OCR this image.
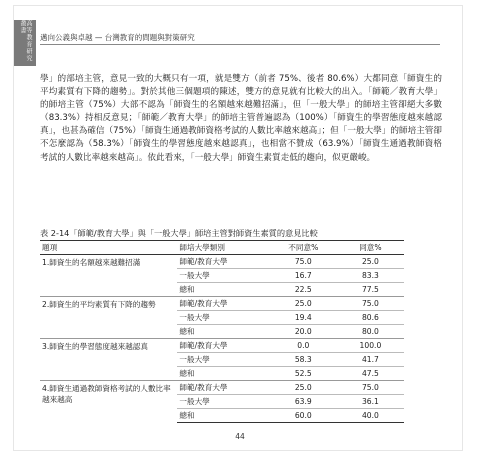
高等教育研究叢書
邁向公義與卓越 — 台灣教育的問題與對策研究

學」的部培主管，意見一致的大概只有一項，就是雙方（前者 75%、後者 80.6%）大都同意「師資生的平均素質有下降的趨勢」。對於其他三個題項的陳述，雙方的意見就有比較大的出入。「師範／教育大學」的師培主管（75%）大部不認為「師資生的名額越來越難招滿」，但「一般大學」的師培主管卻絕大多數（83.3%）持相反意見；「師範／教育大學」的師培主管普遍認為（100%）「師資生的學習態度越來越認真」，也甚為確信（75%）「師資生通過教師資格考試的人數比率越來越高」；但「一般大學」的師培主管卻不怎麼認為（58.3%）「師資生的學習態度越來越認真」，也相當不贊成（63.9%）「師資生通過教師資格考試的人數比率越來越高」。依此看來，「一般大學」師資生素質走低的趨向，似更嚴峻。

表 2-14「師範/教育大學」與「一般大學」師培主管對師資生素質的意見比較
題項	師培大學類別	不同意%	同意%
1.師資生的名額越來越難招滿	師範/教育大學	75.0	25.0
	一般大學	16.7	83.3
	總和	22.5	77.5
2.師資生的平均素質有下降的趨勢	師範/教育大學	25.0	75.0
	一般大學	19.4	80.6
	總和	20.0	80.0
3.師資生的學習態度越來越認真	師範/教育大學	0.0	100.0
	一般大學	58.3	41.7
	總和	52.5	47.5
4.師資生通過教師資格考試的人數比率越來越高	師範/教育大學	25.0	75.0
	一般大學	63.9	36.1
	總和	60.0	40.0
44
